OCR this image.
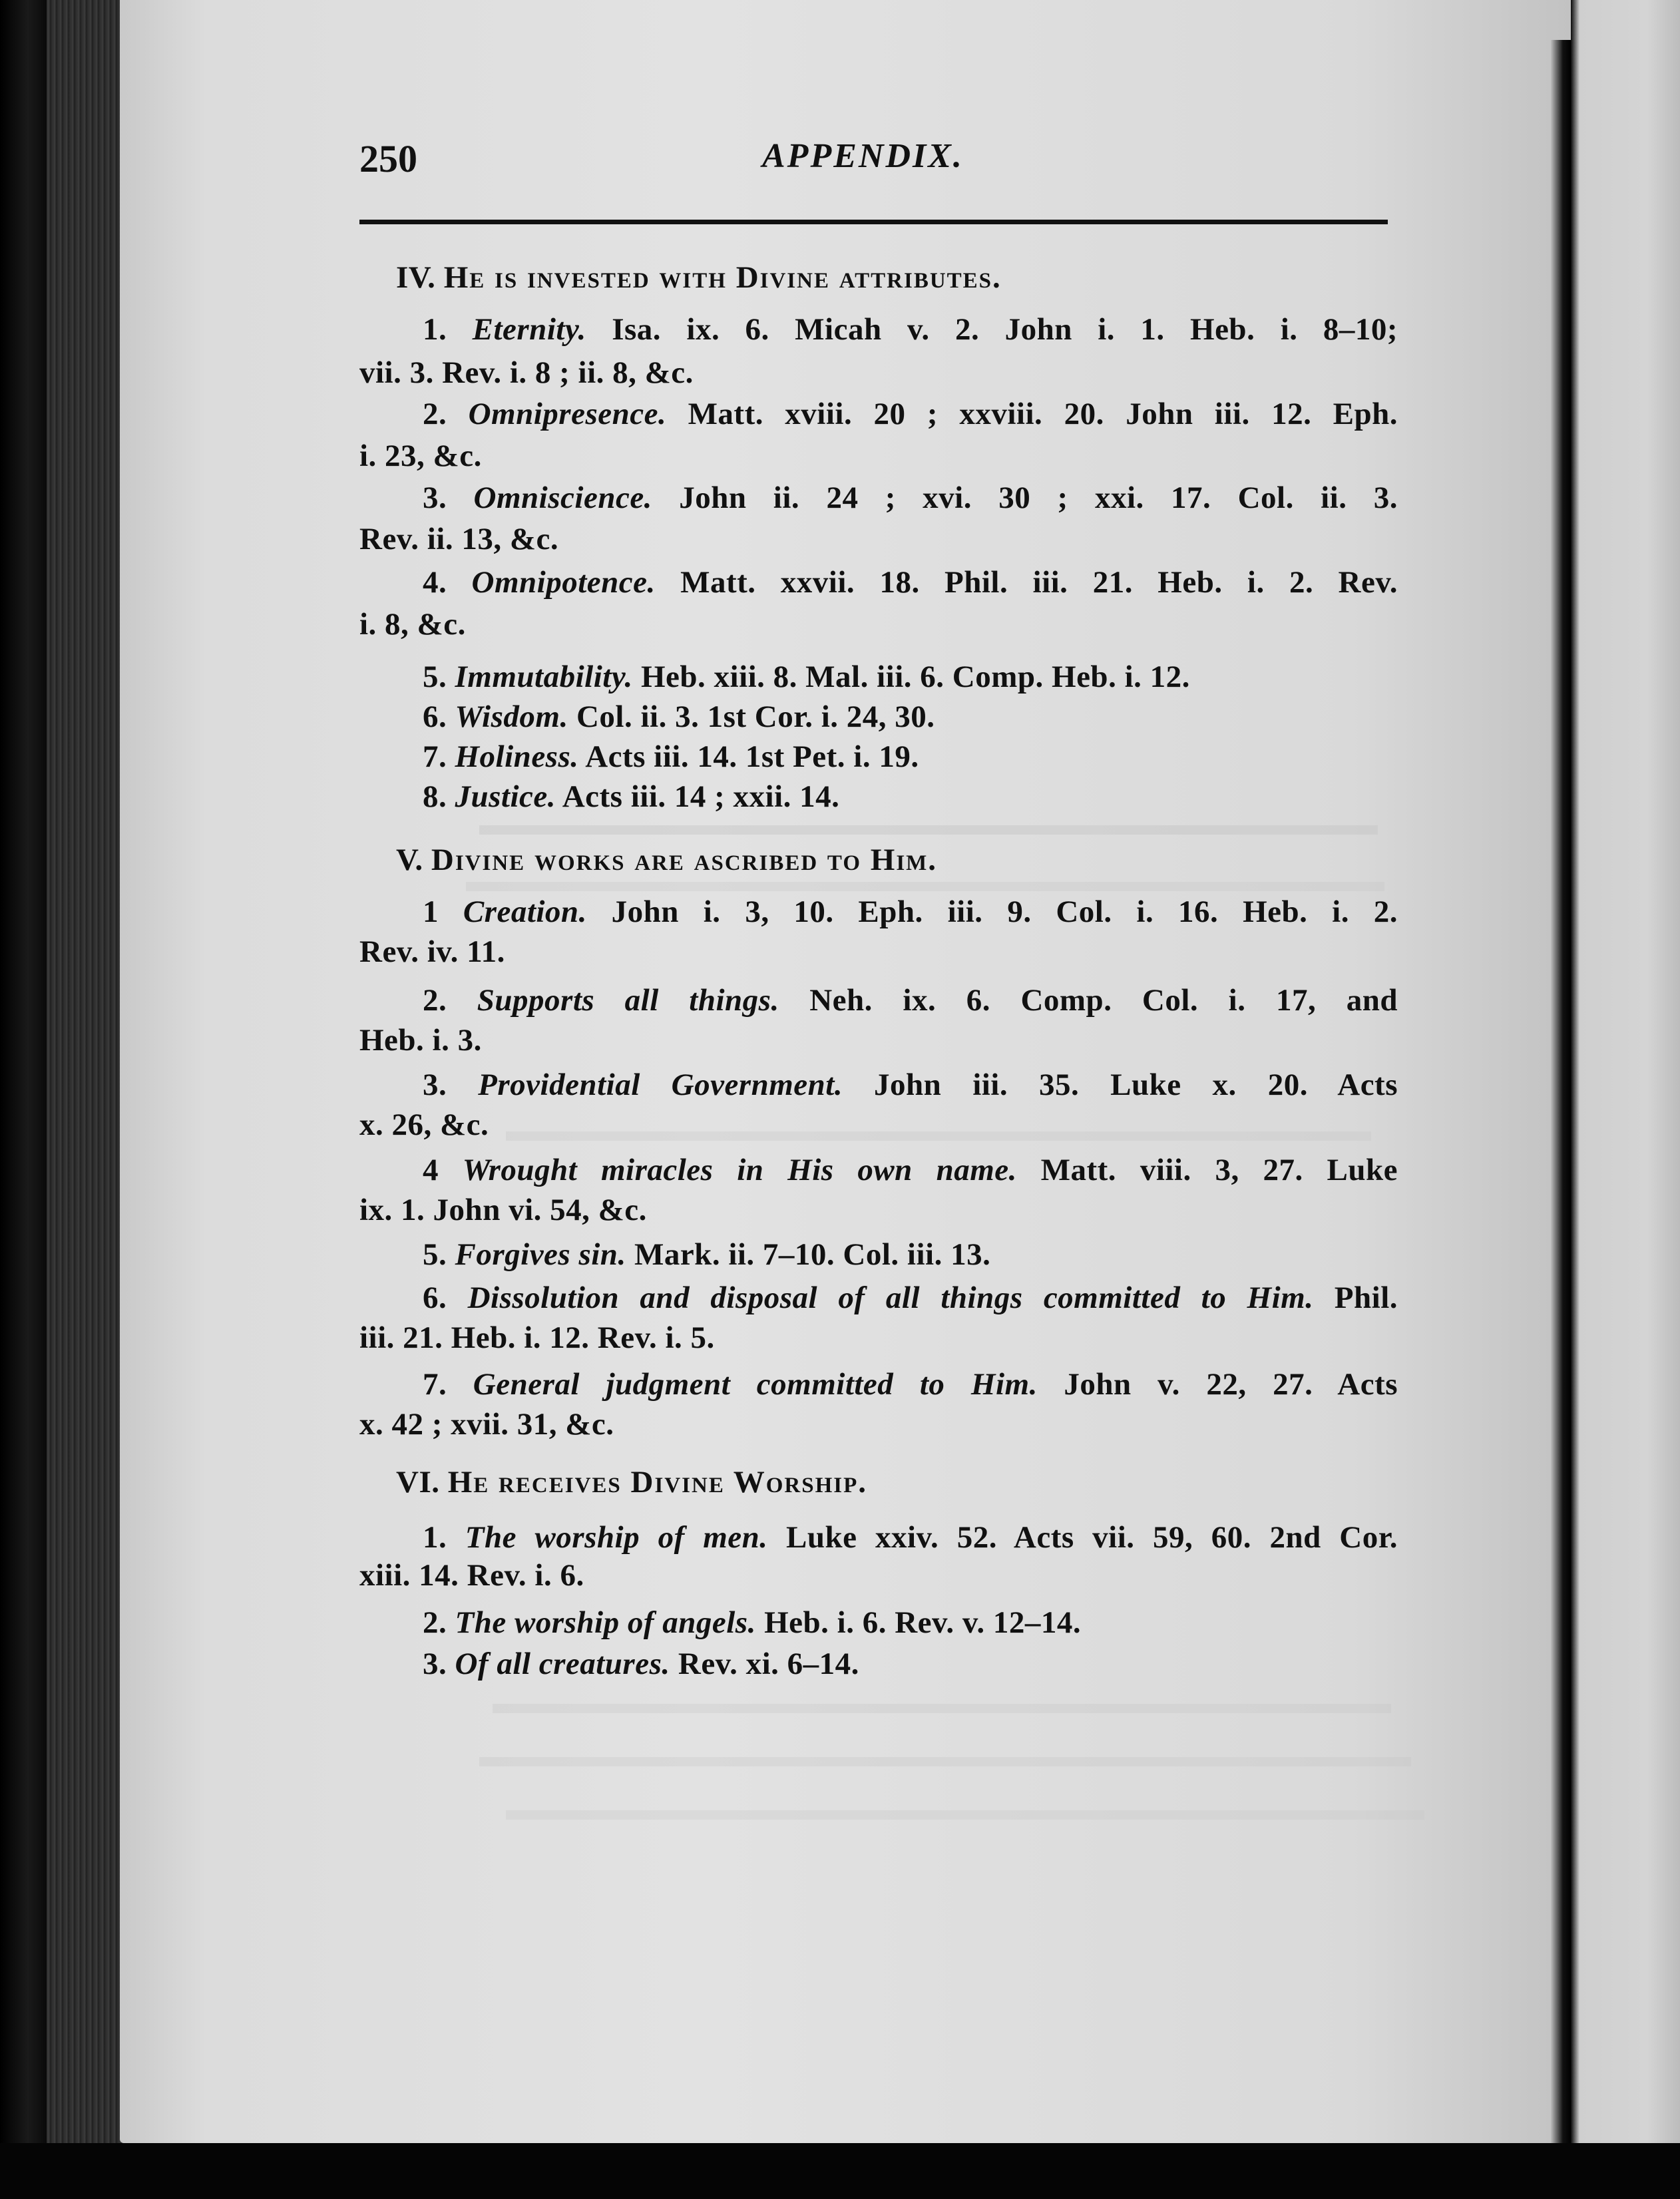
250	APPENDIX.
IV. He is invested with Divine attributes.
1. Eternity. Isa. ix. 6. Micah v. 2. John i. 1. Heb. i. 8–10;
vii. 3. Rev. i. 8 ; ii. 8, &c.
2. Omnipresence. Matt. xviii. 20 ; xxviii. 20. John iii. 12. Eph.
i. 23, &c.
3. Omniscience. John ii. 24 ; xvi. 30 ; xxi. 17. Col. ii. 3.
Rev. ii. 13, &c.
4. Omnipotence. Matt. xxvii. 18. Phil. iii. 21. Heb. i. 2. Rev.
i. 8, &c.
5. Immutability. Heb. xiii. 8. Mal. iii. 6. Comp. Heb. i. 12.
6. Wisdom. Col. ii. 3. 1st Cor. i. 24, 30.
7. Holiness. Acts iii. 14. 1st Pet. i. 19.
8. Justice. Acts iii. 14 ; xxii. 14.
V. Divine works are ascribed to Him.
1 Creation. John i. 3, 10. Eph. iii. 9. Col. i. 16. Heb. i. 2.
Rev. iv. 11.
2. Supports all things. Neh. ix. 6. Comp. Col. i. 17, and
Heb. i. 3.
3. Providential Government. John iii. 35. Luke x. 20. Acts
x. 26, &c.
4 Wrought miracles in His own name. Matt. viii. 3, 27. Luke
ix. 1. John vi. 54, &c.
5. Forgives sin. Mark. ii. 7–10. Col. iii. 13.
6. Dissolution and disposal of all things committed to Him. Phil.
iii. 21. Heb. i. 12. Rev. i. 5.
7. General judgment committed to Him. John v. 22, 27. Acts
x. 42 ; xvii. 31, &c.
VI. He receives Divine Worship.
1. The worship of men. Luke xxiv. 52. Acts vii. 59, 60. 2nd Cor.
xiii. 14. Rev. i. 6.
2. The worship of angels. Heb. i. 6. Rev. v. 12–14.
3. Of all creatures. Rev. xi. 6–14.
